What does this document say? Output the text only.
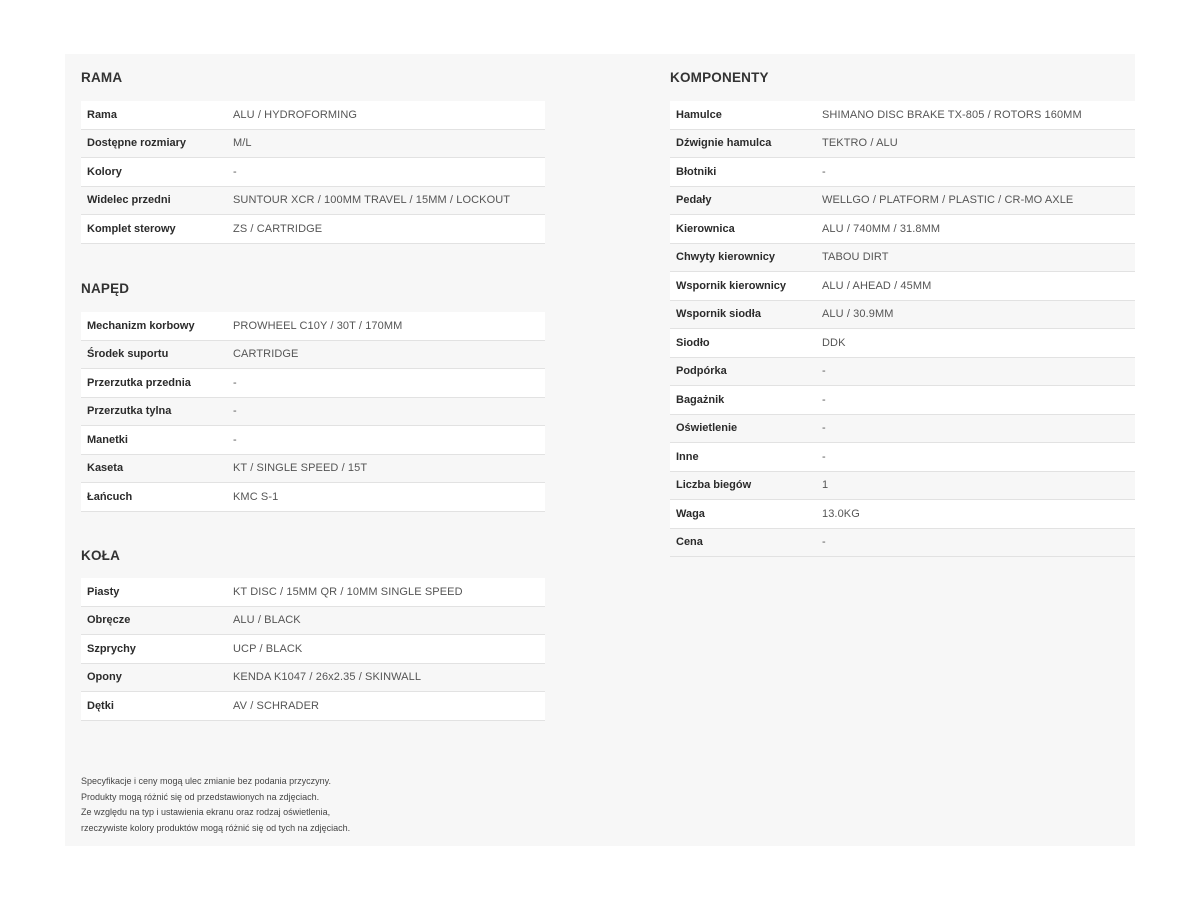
RAMA
Rama	ALU / HYDROFORMING
Dostępne rozmiary	M/L
Kolory	-
Widelec przedni	SUNTOUR XCR / 100MM TRAVEL / 15MM / LOCKOUT
Komplet sterowy	ZS / CARTRIDGE
NAPĘD
Mechanizm korbowy	PROWHEEL C10Y / 30T / 170MM
Środek suportu	CARTRIDGE
Przerzutka przednia	-
Przerzutka tylna	-
Manetki	-
Kaseta	KT / SINGLE SPEED / 15T
Łańcuch	KMC S-1
KOŁA
Piasty	KT DISC / 15MM QR / 10MM SINGLE SPEED
Obręcze	ALU / BLACK
Szprychy	UCP / BLACK
Opony	KENDA K1047 / 26x2.35 / SKINWALL
Dętki	AV / SCHRADER
KOMPONENTY
Hamulce	SHIMANO DISC BRAKE TX-805 / ROTORS 160MM
Dźwignie hamulca	TEKTRO / ALU
Błotniki	-
Pedały	WELLGO / PLATFORM / PLASTIC / CR-MO AXLE
Kierownica	ALU / 740MM / 31.8MM
Chwyty kierownicy	TABOU DIRT
Wspornik kierownicy	ALU / AHEAD / 45MM
Wspornik siodła	ALU / 30.9MM
Siodło	DDK
Podpórka	-
Bagażnik	-
Oświetlenie	-
Inne	-
Liczba biegów	1
Waga	13.0KG
Cena	-
Specyfikacje i ceny mogą ulec zmianie bez podania przyczyny.
Produkty mogą różnić się od przedstawionych na zdjęciach.
Ze względu na typ i ustawienia ekranu oraz rodzaj oświetlenia,
rzeczywiste kolory produktów mogą różnić się od tych na zdjęciach.
